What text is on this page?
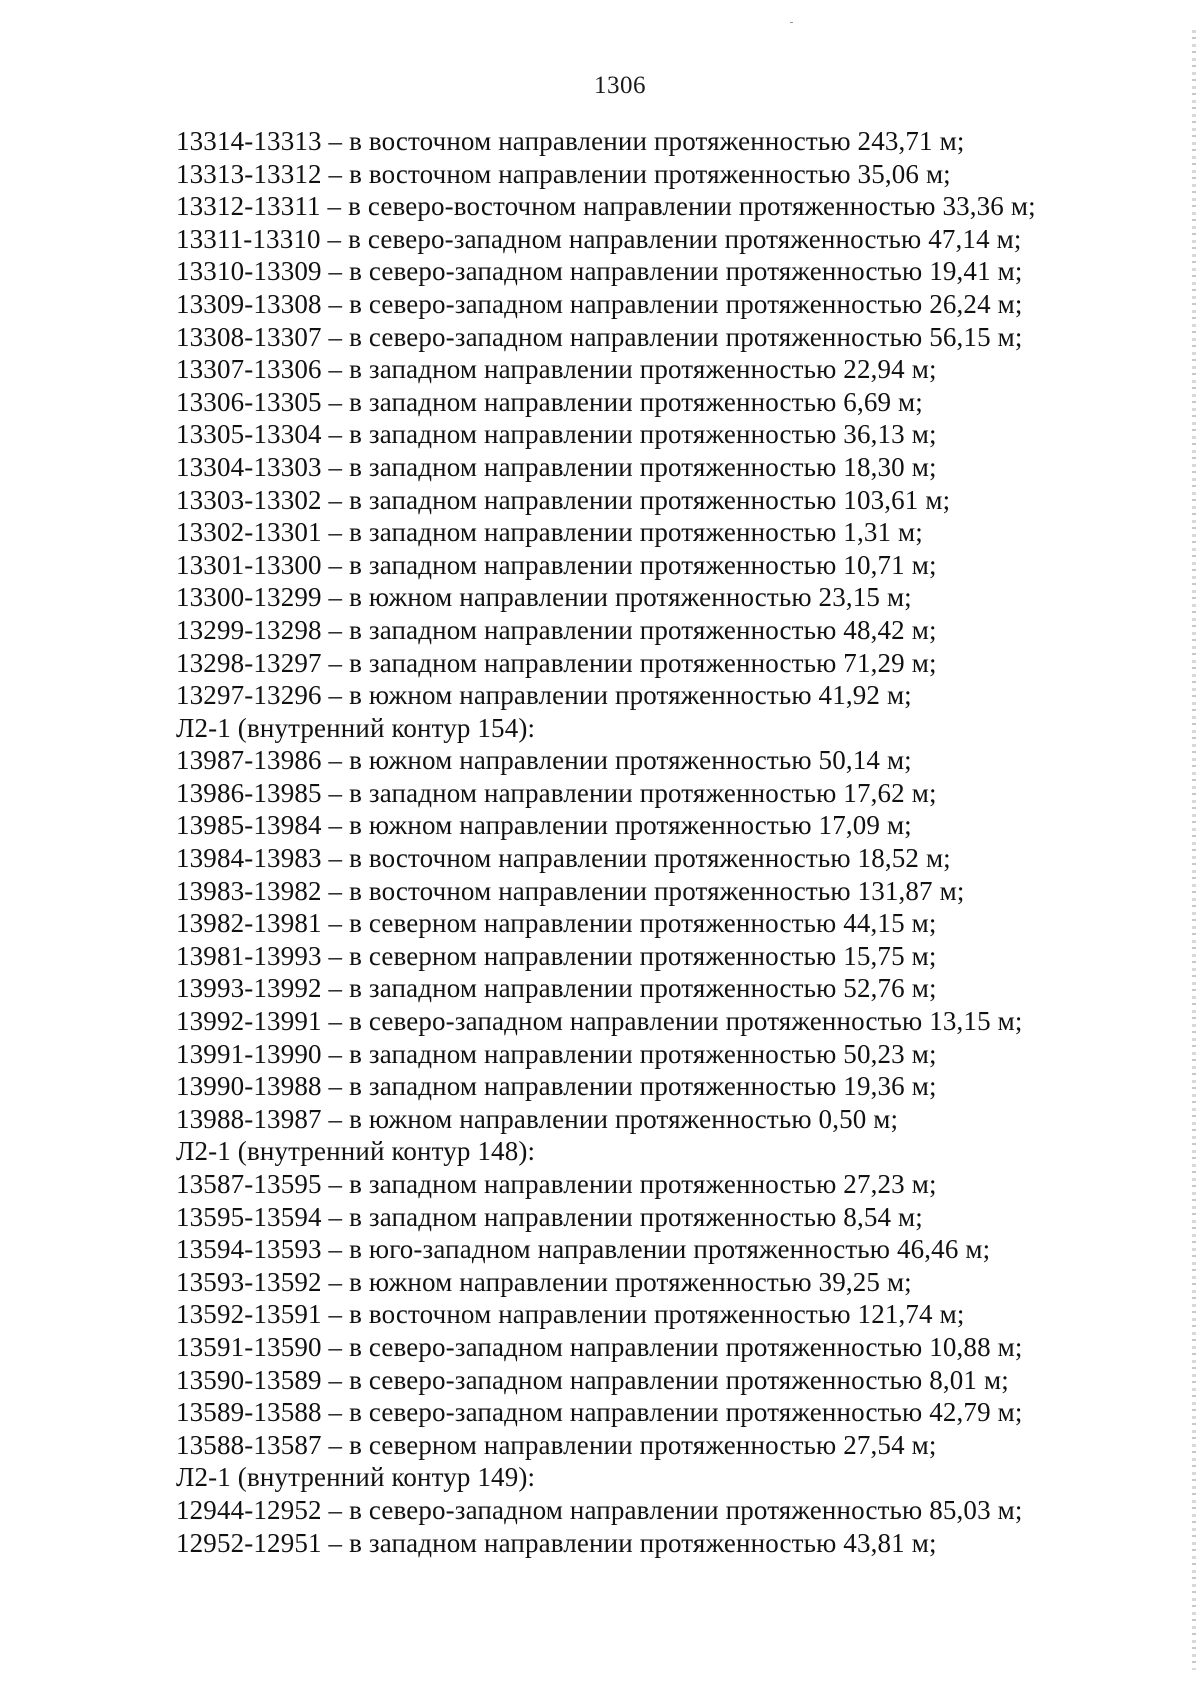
1306
13314-13313 – в восточном направлении протяженностью 243,71 м;
13313-13312 – в восточном направлении протяженностью 35,06 м;
13312-13311 – в северо-восточном направлении протяженностью 33,36 м;
13311-13310 – в северо-западном направлении протяженностью 47,14 м;
13310-13309 – в северо-западном направлении протяженностью 19,41 м;
13309-13308 – в северо-западном направлении протяженностью 26,24 м;
13308-13307 – в северо-западном направлении протяженностью 56,15 м;
13307-13306 – в западном направлении протяженностью 22,94 м;
13306-13305 – в западном направлении протяженностью 6,69 м;
13305-13304 – в западном направлении протяженностью 36,13 м;
13304-13303 – в западном направлении протяженностью 18,30 м;
13303-13302 – в западном направлении протяженностью 103,61 м;
13302-13301 – в западном направлении протяженностью 1,31 м;
13301-13300 – в западном направлении протяженностью 10,71 м;
13300-13299 – в южном направлении протяженностью 23,15 м;
13299-13298 – в западном направлении протяженностью 48,42 м;
13298-13297 – в западном направлении протяженностью 71,29 м;
13297-13296 – в южном направлении протяженностью 41,92 м;
Л2-1 (внутренний контур 154):
13987-13986 – в южном направлении протяженностью 50,14 м;
13986-13985 – в западном направлении протяженностью 17,62 м;
13985-13984 – в южном направлении протяженностью 17,09 м;
13984-13983 – в восточном направлении протяженностью 18,52 м;
13983-13982 – в восточном направлении протяженностью 131,87 м;
13982-13981 – в северном направлении протяженностью 44,15 м;
13981-13993 – в северном направлении протяженностью 15,75 м;
13993-13992 – в западном направлении протяженностью 52,76 м;
13992-13991 – в северо-западном направлении протяженностью 13,15 м;
13991-13990 – в западном направлении протяженностью 50,23 м;
13990-13988 – в западном направлении протяженностью 19,36 м;
13988-13987 – в южном направлении протяженностью 0,50 м;
Л2-1 (внутренний контур 148):
13587-13595 – в западном направлении протяженностью 27,23 м;
13595-13594 – в западном направлении протяженностью 8,54 м;
13594-13593 – в юго-западном направлении протяженностью 46,46 м;
13593-13592 – в южном направлении протяженностью 39,25 м;
13592-13591 – в восточном направлении протяженностью 121,74 м;
13591-13590 – в северо-западном направлении протяженностью 10,88 м;
13590-13589 – в северо-западном направлении протяженностью 8,01 м;
13589-13588 – в северо-западном направлении протяженностью 42,79 м;
13588-13587 – в северном направлении протяженностью 27,54 м;
Л2-1 (внутренний контур 149):
12944-12952 – в северо-западном направлении протяженностью 85,03 м;
12952-12951 – в западном направлении протяженностью 43,81 м;
